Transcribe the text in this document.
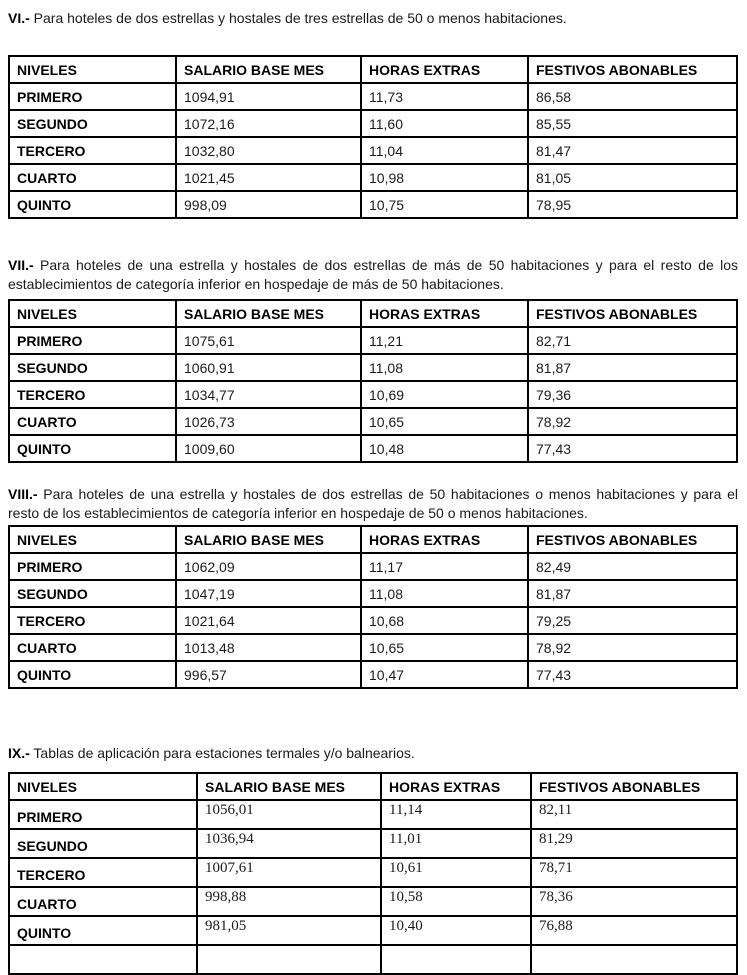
VI.- Para hoteles de dos estrellas y hostales de tres estrellas de 50 o menos habitaciones.

NIVELES	SALARIO BASE MES	HORAS EXTRAS	FESTIVOS ABONABLES
PRIMERO	1094,91	11,73	86,58
SEGUNDO	1072,16	11,60	85,55
TERCERO	1032,80	11,04	81,47
CUARTO	1021,45	10,98	81,05
QUINTO	998,09	10,75	78,95

VII.- Para hoteles de una estrella y hostales de dos estrellas de más de 50 habitaciones y para el resto de los establecimientos de categoría inferior en hospedaje de más de 50 habitaciones.

NIVELES	SALARIO BASE MES	HORAS EXTRAS	FESTIVOS ABONABLES
PRIMERO	1075,61	11,21	82,71
SEGUNDO	1060,91	11,08	81,87
TERCERO	1034,77	10,69	79,36
CUARTO	1026,73	10,65	78,92
QUINTO	1009,60	10,48	77,43

VIII.- Para hoteles de una estrella y hostales de dos estrellas de 50 habitaciones o menos habitaciones y para el resto de los establecimientos de categoría inferior en hospedaje de 50 o menos habitaciones.

NIVELES	SALARIO BASE MES	HORAS EXTRAS	FESTIVOS ABONABLES
PRIMERO	1062,09	11,17	82,49
SEGUNDO	1047,19	11,08	81,87
TERCERO	1021,64	10,68	79,25
CUARTO	1013,48	10,65	78,92
QUINTO	996,57	10,47	77,43

IX.- Tablas de aplicación para estaciones termales y/o balnearios.

NIVELES	SALARIO BASE MES	HORAS EXTRAS	FESTIVOS ABONABLES
PRIMERO	1056,01	11,14	82,11
SEGUNDO	1036,94	11,01	81,29
TERCERO	1007,61	10,61	78,71
CUARTO	998,88	10,58	78,36
QUINTO	981,05	10,40	76,88
